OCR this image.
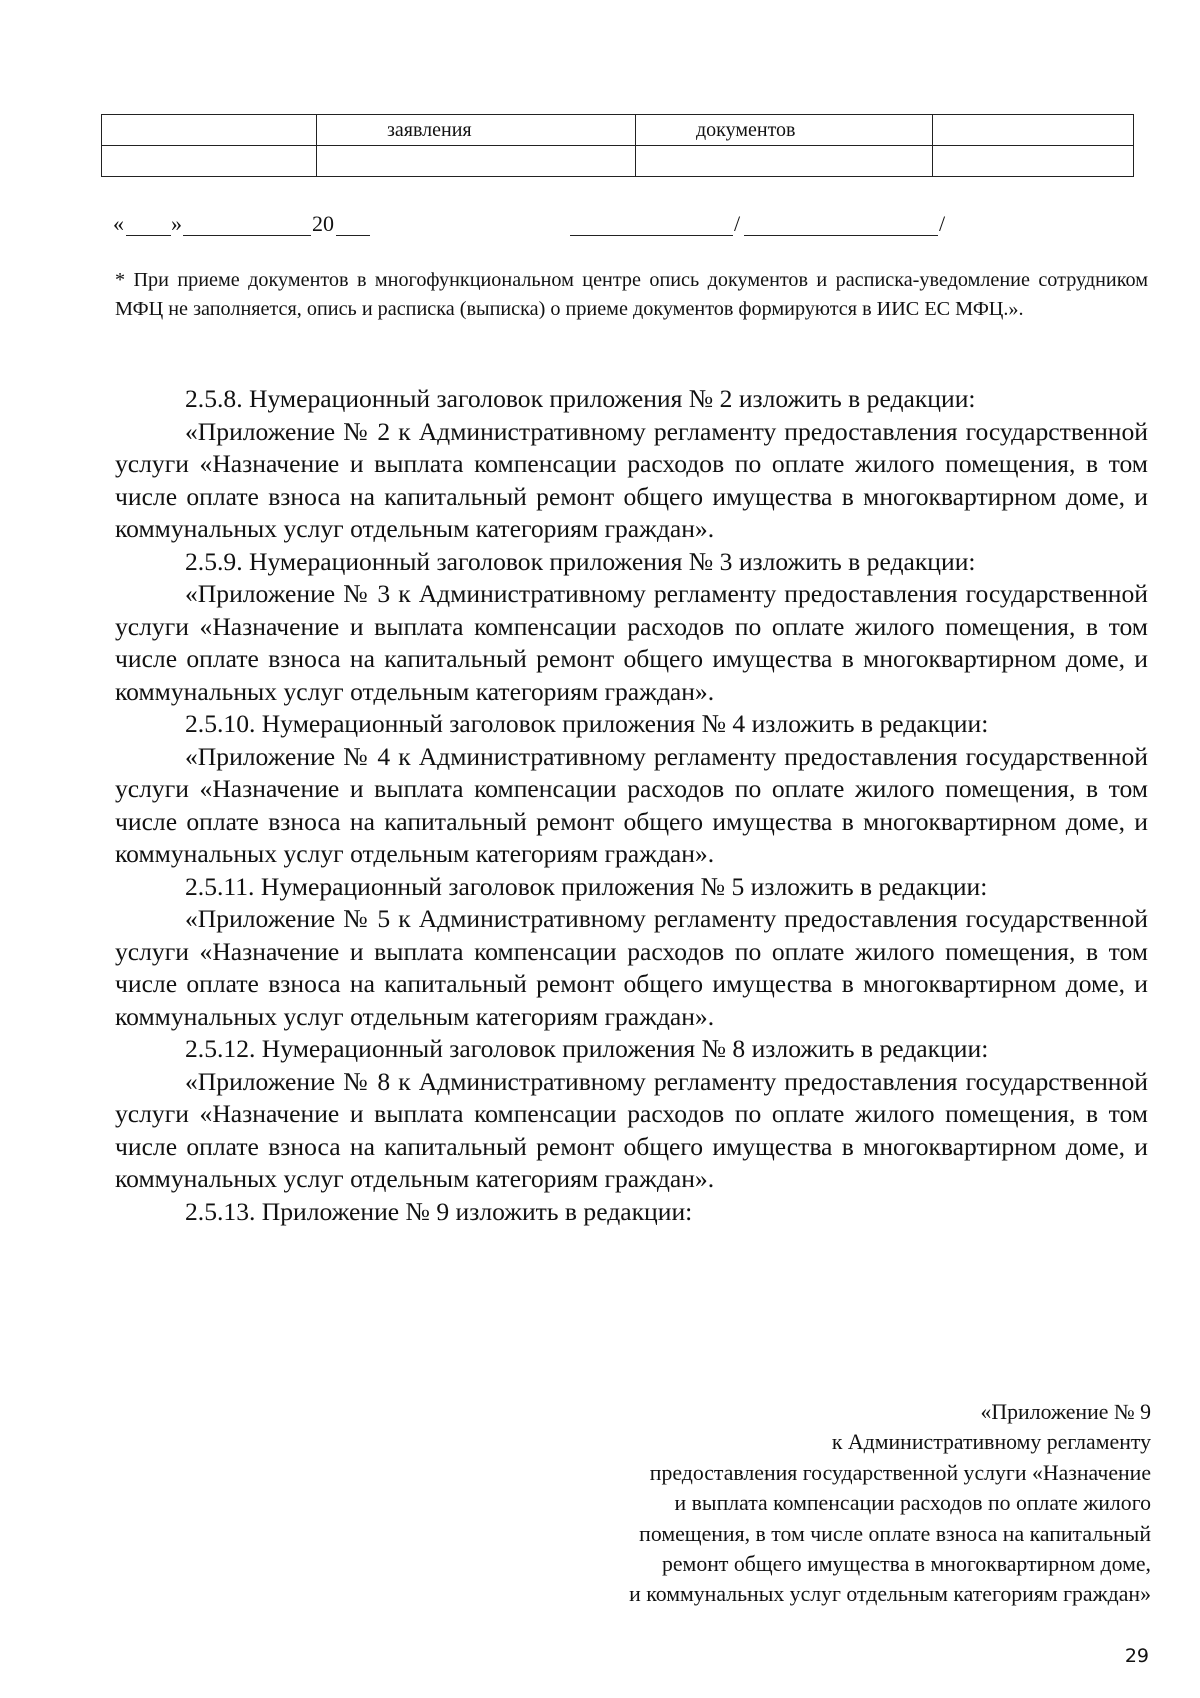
	заявления	документов	

« »	20	/	/
* При приеме документов в многофункциональном центре опись документов и расписка-уведомление сотрудником МФЦ не заполняется, опись и расписка (выписка) о приеме документов формируются в ИИС ЕС МФЦ.».

2.5.8. Нумерационный заголовок приложения № 2 изложить в редакции:

«Приложение № 2 к Административному регламенту предоставления государственной услуги «Назначение и выплата компенсации расходов по оплате жилого помещения, в том числе оплате взноса на капитальный ремонт общего имущества в многоквартирном доме, и коммунальных услуг отдельным категориям граждан».

2.5.9. Нумерационный заголовок приложения № 3 изложить в редакции:

«Приложение № 3 к Административному регламенту предоставления государственной услуги «Назначение и выплата компенсации расходов по оплате жилого помещения, в том числе оплате взноса на капитальный ремонт общего имущества в многоквартирном доме, и коммунальных услуг отдельным категориям граждан».

2.5.10. Нумерационный заголовок приложения № 4 изложить в редакции:

«Приложение № 4 к Административному регламенту предоставления государственной услуги «Назначение и выплата компенсации расходов по оплате жилого помещения, в том числе оплате взноса на капитальный ремонт общего имущества в многоквартирном доме, и коммунальных услуг отдельным категориям граждан».

2.5.11. Нумерационный заголовок приложения № 5 изложить в редакции:

«Приложение № 5 к Административному регламенту предоставления государственной услуги «Назначение и выплата компенсации расходов по оплате жилого помещения, в том числе оплате взноса на капитальный ремонт общего имущества в многоквартирном доме, и коммунальных услуг отдельным категориям граждан».

2.5.12. Нумерационный заголовок приложения № 8 изложить в редакции:

«Приложение № 8 к Административному регламенту предоставления государственной услуги «Назначение и выплата компенсации расходов по оплате жилого помещения, в том числе оплате взноса на капитальный ремонт общего имущества в многоквартирном доме, и коммунальных услуг отдельным категориям граждан».

2.5.13. Приложение № 9 изложить в редакции:

«Приложение № 9
к Административному регламенту
предоставления государственной услуги «Назначение
и выплата компенсации расходов по оплате жилого
помещения, в том числе оплате взноса на капитальный
ремонт общего имущества в многоквартирном доме,
и коммунальных услуг отдельным категориям граждан»
29
